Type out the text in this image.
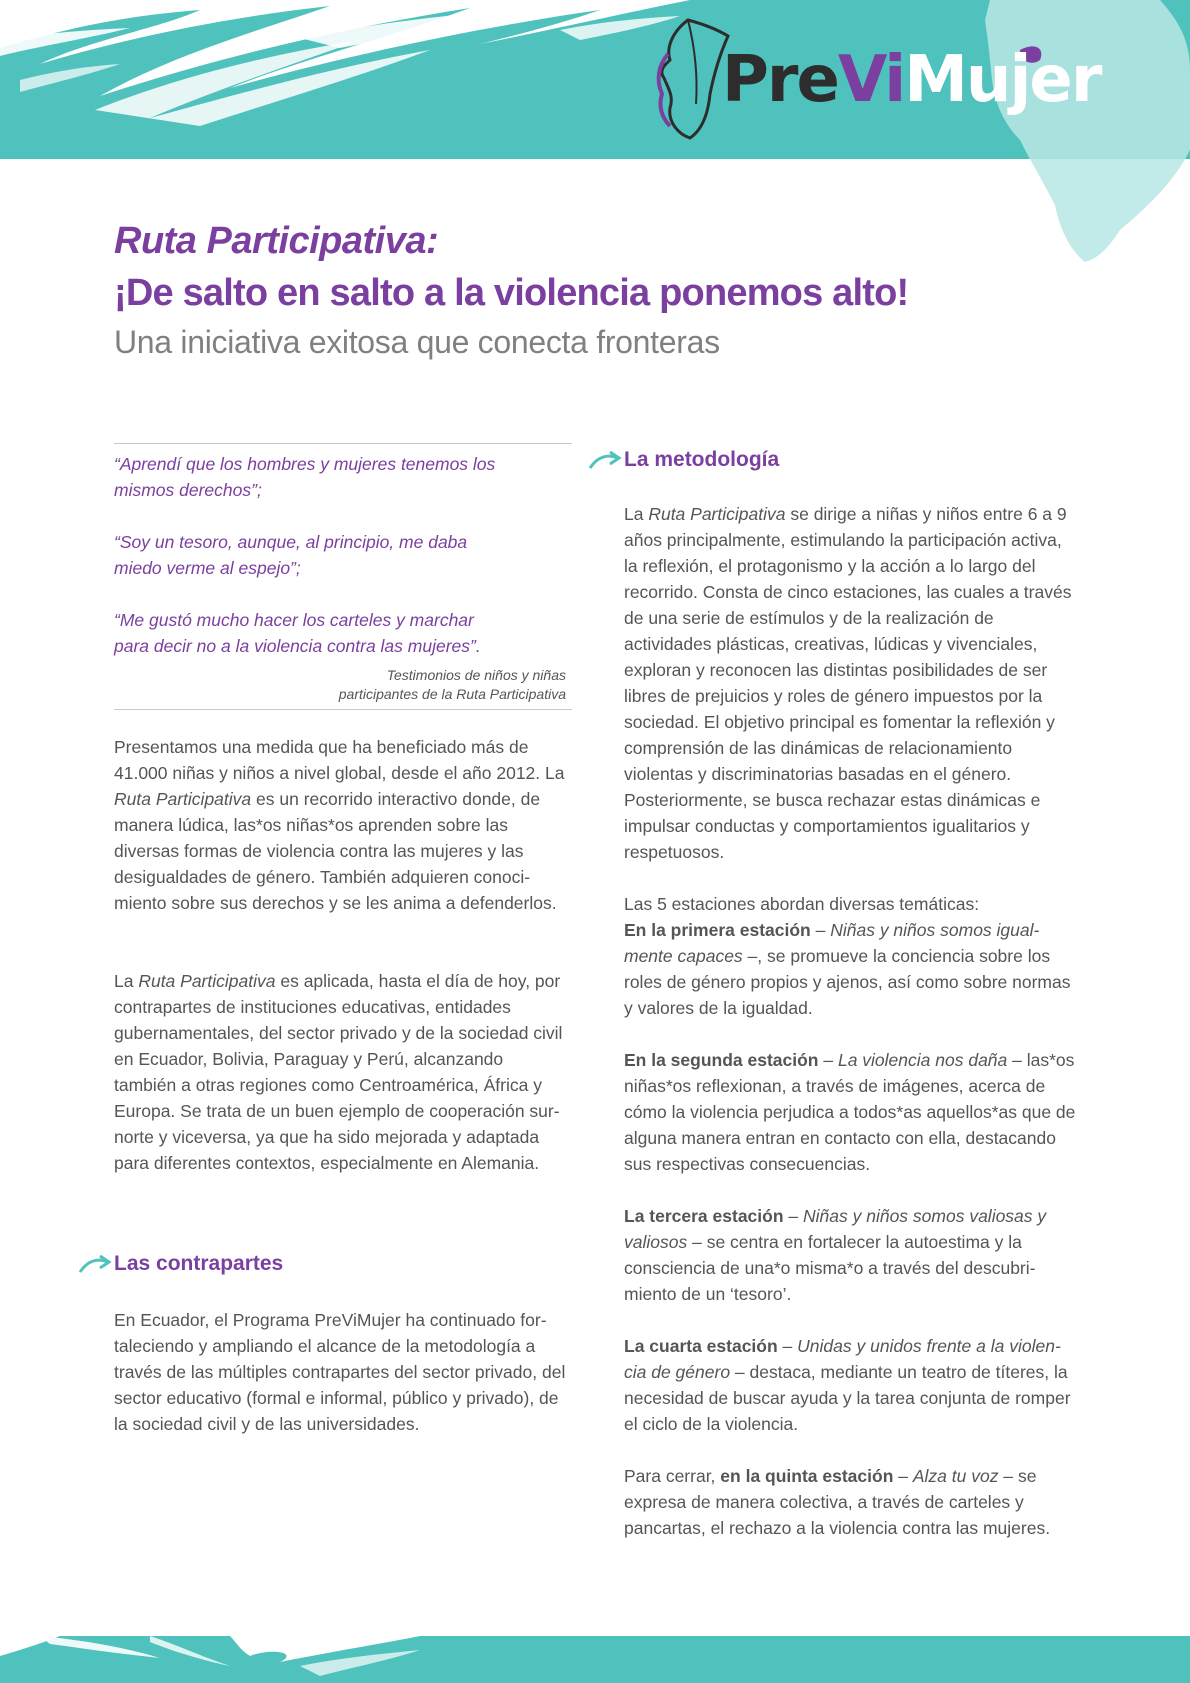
PreViMujer
Ruta Participativa:
¡De salto en salto a la violencia ponemos alto!
Una iniciativa exitosa que conecta fronteras

“Aprendí que los hombres y mujeres tenemos los
mismos derechos”;

“Soy un tesoro, aunque, al principio, me daba
miedo verme al espejo”;

“Me gustó mucho hacer los carteles y marchar
para decir no a la violencia contra las mujeres”.

Testimonios de niños y niñas
participantes de la Ruta Participativa

Presentamos una medida que ha beneficiado más de 41.000 niñas y niños a nivel global, desde el año 2012. La Ruta Participativa es un recorrido interactivo donde, de manera lúdica, las*os niñas*os aprenden sobre las diversas formas de violencia contra las mujeres y las desigualdades de género. También adquieren conocimiento sobre sus derechos y se les anima a defenderlos.

La Ruta Participativa es aplicada, hasta el día de hoy, por contrapartes de instituciones educativas, entidades gubernamentales, del sector privado y de la sociedad civil en Ecuador, Bolivia, Paraguay y Perú, alcanzando también a otras regiones como Centroamérica, África y Europa. Se trata de un buen ejemplo de cooperación sur-norte y viceversa, ya que ha sido mejorada y adaptada para diferentes contextos, especialmente en Alemania.

Las contrapartes

En Ecuador, el Programa PreViMujer ha continuado fortaleciendo y ampliando el alcance de la metodología a través de las múltiples contrapartes del sector privado, del sector educativo (formal e informal, público y privado), de la sociedad civil y de las universidades.

La metodología

La Ruta Participativa se dirige a niñas y niños entre 6 a 9 años principalmente, estimulando la participación activa, la reflexión, el protagonismo y la acción a lo largo del recorrido. Consta de cinco estaciones, las cuales a través de una serie de estímulos y de la realización de actividades plásticas, creativas, lúdicas y vivenciales, exploran y reconocen las distintas posibilidades de ser libres de prejuicios y roles de género impuestos por la sociedad. El objetivo principal es fomentar la reflexión y comprensión de las dinámicas de relacionamiento violentas y discriminatorias basadas en el género. Posteriormente, se busca rechazar estas dinámicas e impulsar conductas y comportamientos igualitarios y respetuosos.

Las 5 estaciones abordan diversas temáticas:
En la primera estación – Niñas y niños somos igualmente capaces –, se promueve la conciencia sobre los roles de género propios y ajenos, así como sobre normas y valores de la igualdad.

En la segunda estación – La violencia nos daña – las*os niñas*os reflexionan, a través de imágenes, acerca de cómo la violencia perjudica a todos*as aquellos*as que de alguna manera entran en contacto con ella, destacando sus respectivas consecuencias.

La tercera estación – Niñas y niños somos valiosas y valiosos – se centra en fortalecer la autoestima y la consciencia de una*o misma*o a través del descubrimiento de un ‘tesoro’.

La cuarta estación – Unidas y unidos frente a la violencia de género – destaca, mediante un teatro de títeres, la necesidad de buscar ayuda y la tarea conjunta de romper el ciclo de la violencia.

Para cerrar, en la quinta estación – Alza tu voz – se expresa de manera colectiva, a través de carteles y pancartas, el rechazo a la violencia contra las mujeres.
